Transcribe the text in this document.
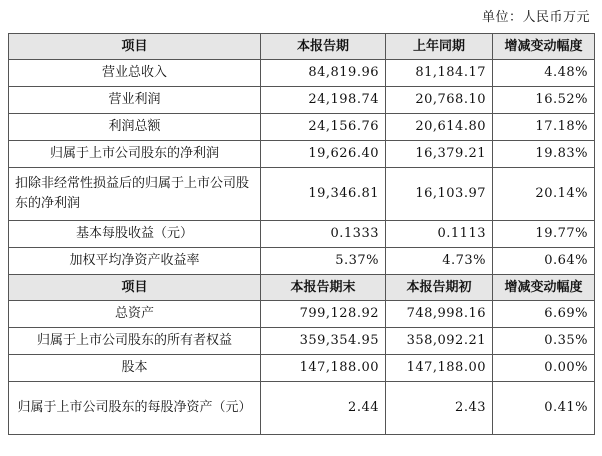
单位：人民币万元
项目	本报告期	上年同期	增减变动幅度
营业总收入	84,819.96	81,184.17	4.48%
营业利润	24,198.74	20,768.10	16.52%
利润总额	24,156.76	20,614.80	17.18%
归属于上市公司股东的净利润	19,626.40	16,379.21	19.83%
扣除非经常性损益后的归属于上市公司股东的净利润	19,346.81	16,103.97	20.14%
基本每股收益（元）	0.1333	0.1113	19.77%
加权平均净资产收益率	5.37%	4.73%	0.64%
项目	本报告期末	本报告期初	增减变动幅度
总资产	799,128.92	748,998.16	6.69%
归属于上市公司股东的所有者权益	359,354.95	358,092.21	0.35%
股本	147,188.00	147,188.00	0.00%
归属于上市公司股东的每股净资产（元）	2.44	2.43	0.41%
